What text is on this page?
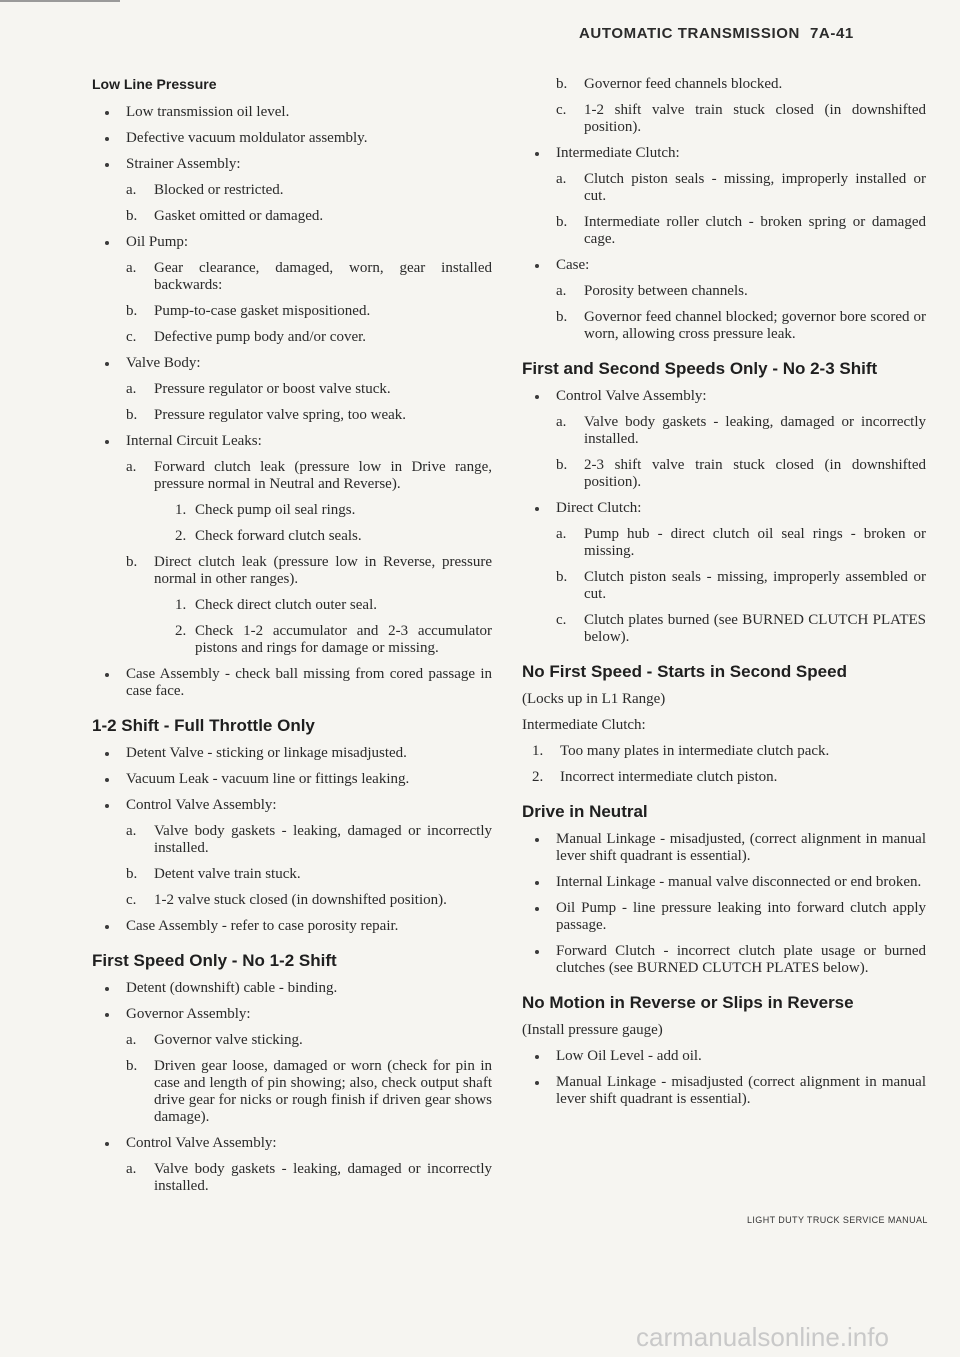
AUTOMATIC TRANSMISSION 7A-41
Low Line Pressure
Low transmission oil level.
Defective vacuum moldulator assembly.
Strainer Assembly:
a.	Blocked or restricted.
b.	Gasket omitted or damaged.
Oil Pump:
a.	Gear clearance, damaged, worn, gear installed backwards:
b.	Pump-to-case gasket mispositioned.
c.	Defective pump body and/or cover.
Valve Body:
a.	Pressure regulator or boost valve stuck.
b.	Pressure regulator valve spring, too weak.
Internal Circuit Leaks:
a.	Forward clutch leak (pressure low in Drive range, pressure normal in Neutral and Reverse).
1. Check pump oil seal rings.
2. Check forward clutch seals.
b.	Direct clutch leak (pressure low in Reverse, pressure normal in other ranges).
1. Check direct clutch outer seal.
2. Check 1-2 accumulator and 2-3 accumulator pistons and rings for damage or missing.
Case Assembly - check ball missing from cored passage in case face.
1-2 Shift - Full Throttle Only
Detent Valve - sticking or linkage misadjusted.
Vacuum Leak - vacuum line or fittings leaking.
Control Valve Assembly:
a.	Valve body gaskets - leaking, damaged or incorrectly installed.
b.	Detent valve train stuck.
c.	1-2 valve stuck closed (in downshifted position).
Case Assembly - refer to case porosity repair.
First Speed Only - No 1-2 Shift
Detent (downshift) cable - binding.
Governor Assembly:
a.	Governor valve sticking.
b.	Driven gear loose, damaged or worn (check for pin in case and length of pin showing; also, check output shaft drive gear for nicks or rough finish if driven gear shows damage).
Control Valve Assembly:
a.	Valve body gaskets - leaking, damaged or incorrectly installed.
b.	Governor feed channels blocked.
c.	1-2 shift valve train stuck closed (in downshifted position).
Intermediate Clutch:
a.	Clutch piston seals - missing, improperly installed or cut.
b.	Intermediate roller clutch - broken spring or damaged cage.
Case:
a.	Porosity between channels.
b.	Governor feed channel blocked; governor bore scored or worn, allowing cross pressure leak.
First and Second Speeds Only - No 2-3 Shift
Control Valve Assembly:
a.	Valve body gaskets - leaking, damaged or incorrectly installed.
b.	2-3 shift valve train stuck closed (in downshifted position).
Direct Clutch:
a.	Pump hub - direct clutch oil seal rings - broken or missing.
b.	Clutch piston seals - missing, improperly assembled or cut.
c.	Clutch plates burned (see BURNED CLUTCH PLATES below).
No First Speed - Starts in Second Speed
(Locks up in L1 Range)
Intermediate Clutch:
1.	Too many plates in intermediate clutch pack.
2.	Incorrect intermediate clutch piston.
Drive in Neutral
Manual Linkage - misadjusted, (correct alignment in manual lever shift quadrant is essential).
Internal Linkage - manual valve disconnected or end broken.
Oil Pump - line pressure leaking into forward clutch apply passage.
Forward Clutch - incorrect clutch plate usage or burned clutches (see BURNED CLUTCH PLATES below).
No Motion in Reverse or Slips in Reverse
(Install pressure gauge)
Low Oil Level - add oil.
Manual Linkage - misadjusted (correct alignment in manual lever shift quadrant is essential).
LIGHT DUTY TRUCK SERVICE MANUAL
carmanualsonline.info
